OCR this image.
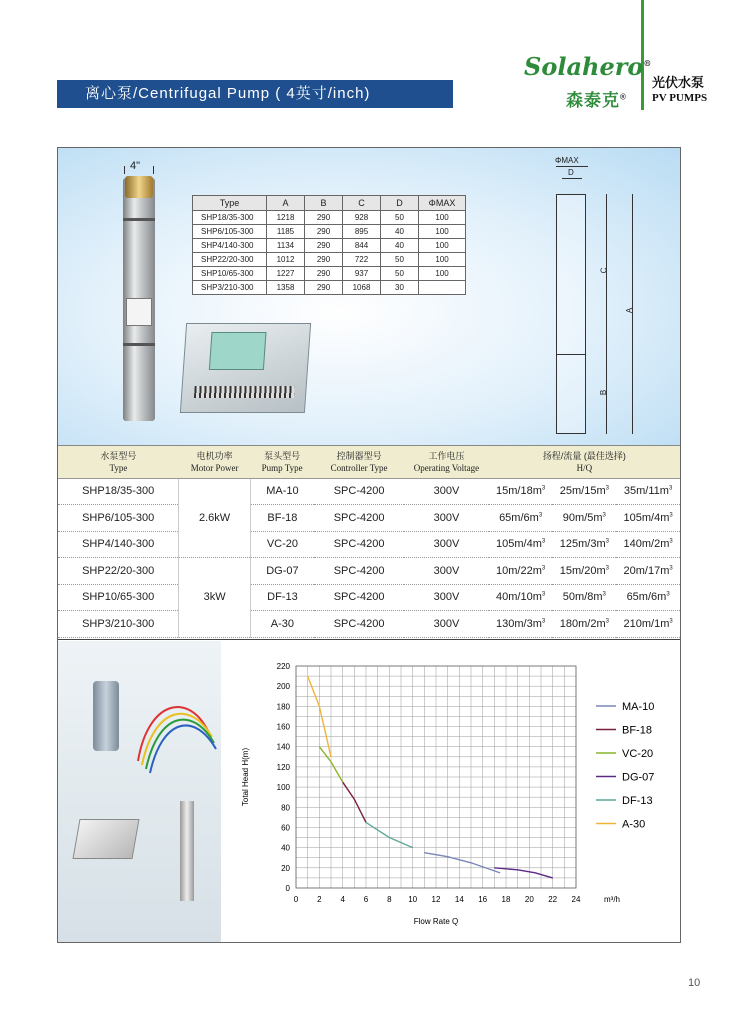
离心泵/Centrifugal Pump ( 4英寸/inch)
Solahero®
森泰克®
光伏水泵
PV PUMPS
4"
Type	A	B	C	D	ΦMAX
SHP18/35-300	1218	290	928	50	100
SHP6/105-300	1185	290	895	40	100
SHP4/140-300	1134	290	844	40	100
SHP22/20-300	1012	290	722	50	100
SHP10/65-300	1227	290	937	50	100
SHP3/210-300	1358	290	1068	30	
ΦMAX
D
C
A
B
水泵型号
Type	电机功率
Motor Power	泵头型号
Pump Type	控制器型号
Controller Type	工作电压
Operating Voltage	扬程/流量 (最佳选择)
H/Q		
SHP18/35-300	2.6kW	MA-10	SPC-4200	300V	$15m/18m^3$	$25m/15m^3$	$35m/11m^3$
SHP6/105-300		BF-18	SPC-4200	300V	$65m/6m^3$	$90m/5m^3$	$105m/4m^3$
SHP4/140-300		VC-20	SPC-4200	300V	$105m/4m^3$	$125m/3m^3$	$140m/2m^3$
SHP22/20-300	3kW	DG-07	SPC-4200	300V	$10m/22m^3$	$15m/20m^3$	$20m/17m^3$
SHP10/65-300		DF-13	SPC-4200	300V	$40m/10m^3$	$50m/8m^3$	$65m/6m^3$
SHP3/210-300		A-30	SPC-4200	300V	$130m/3m^3$	$180m/2m^3$	$210m/1m^3$
0 2 4 6 8 10 12 14 16 18 20 22 24
0
20
40
60
80
100
120
140
160
180
200
220
m³/h
Flow Rate Q
Total Head H(m)
MA-10
BF-18
VC-20
DG-07
DF-13
A-30
10
